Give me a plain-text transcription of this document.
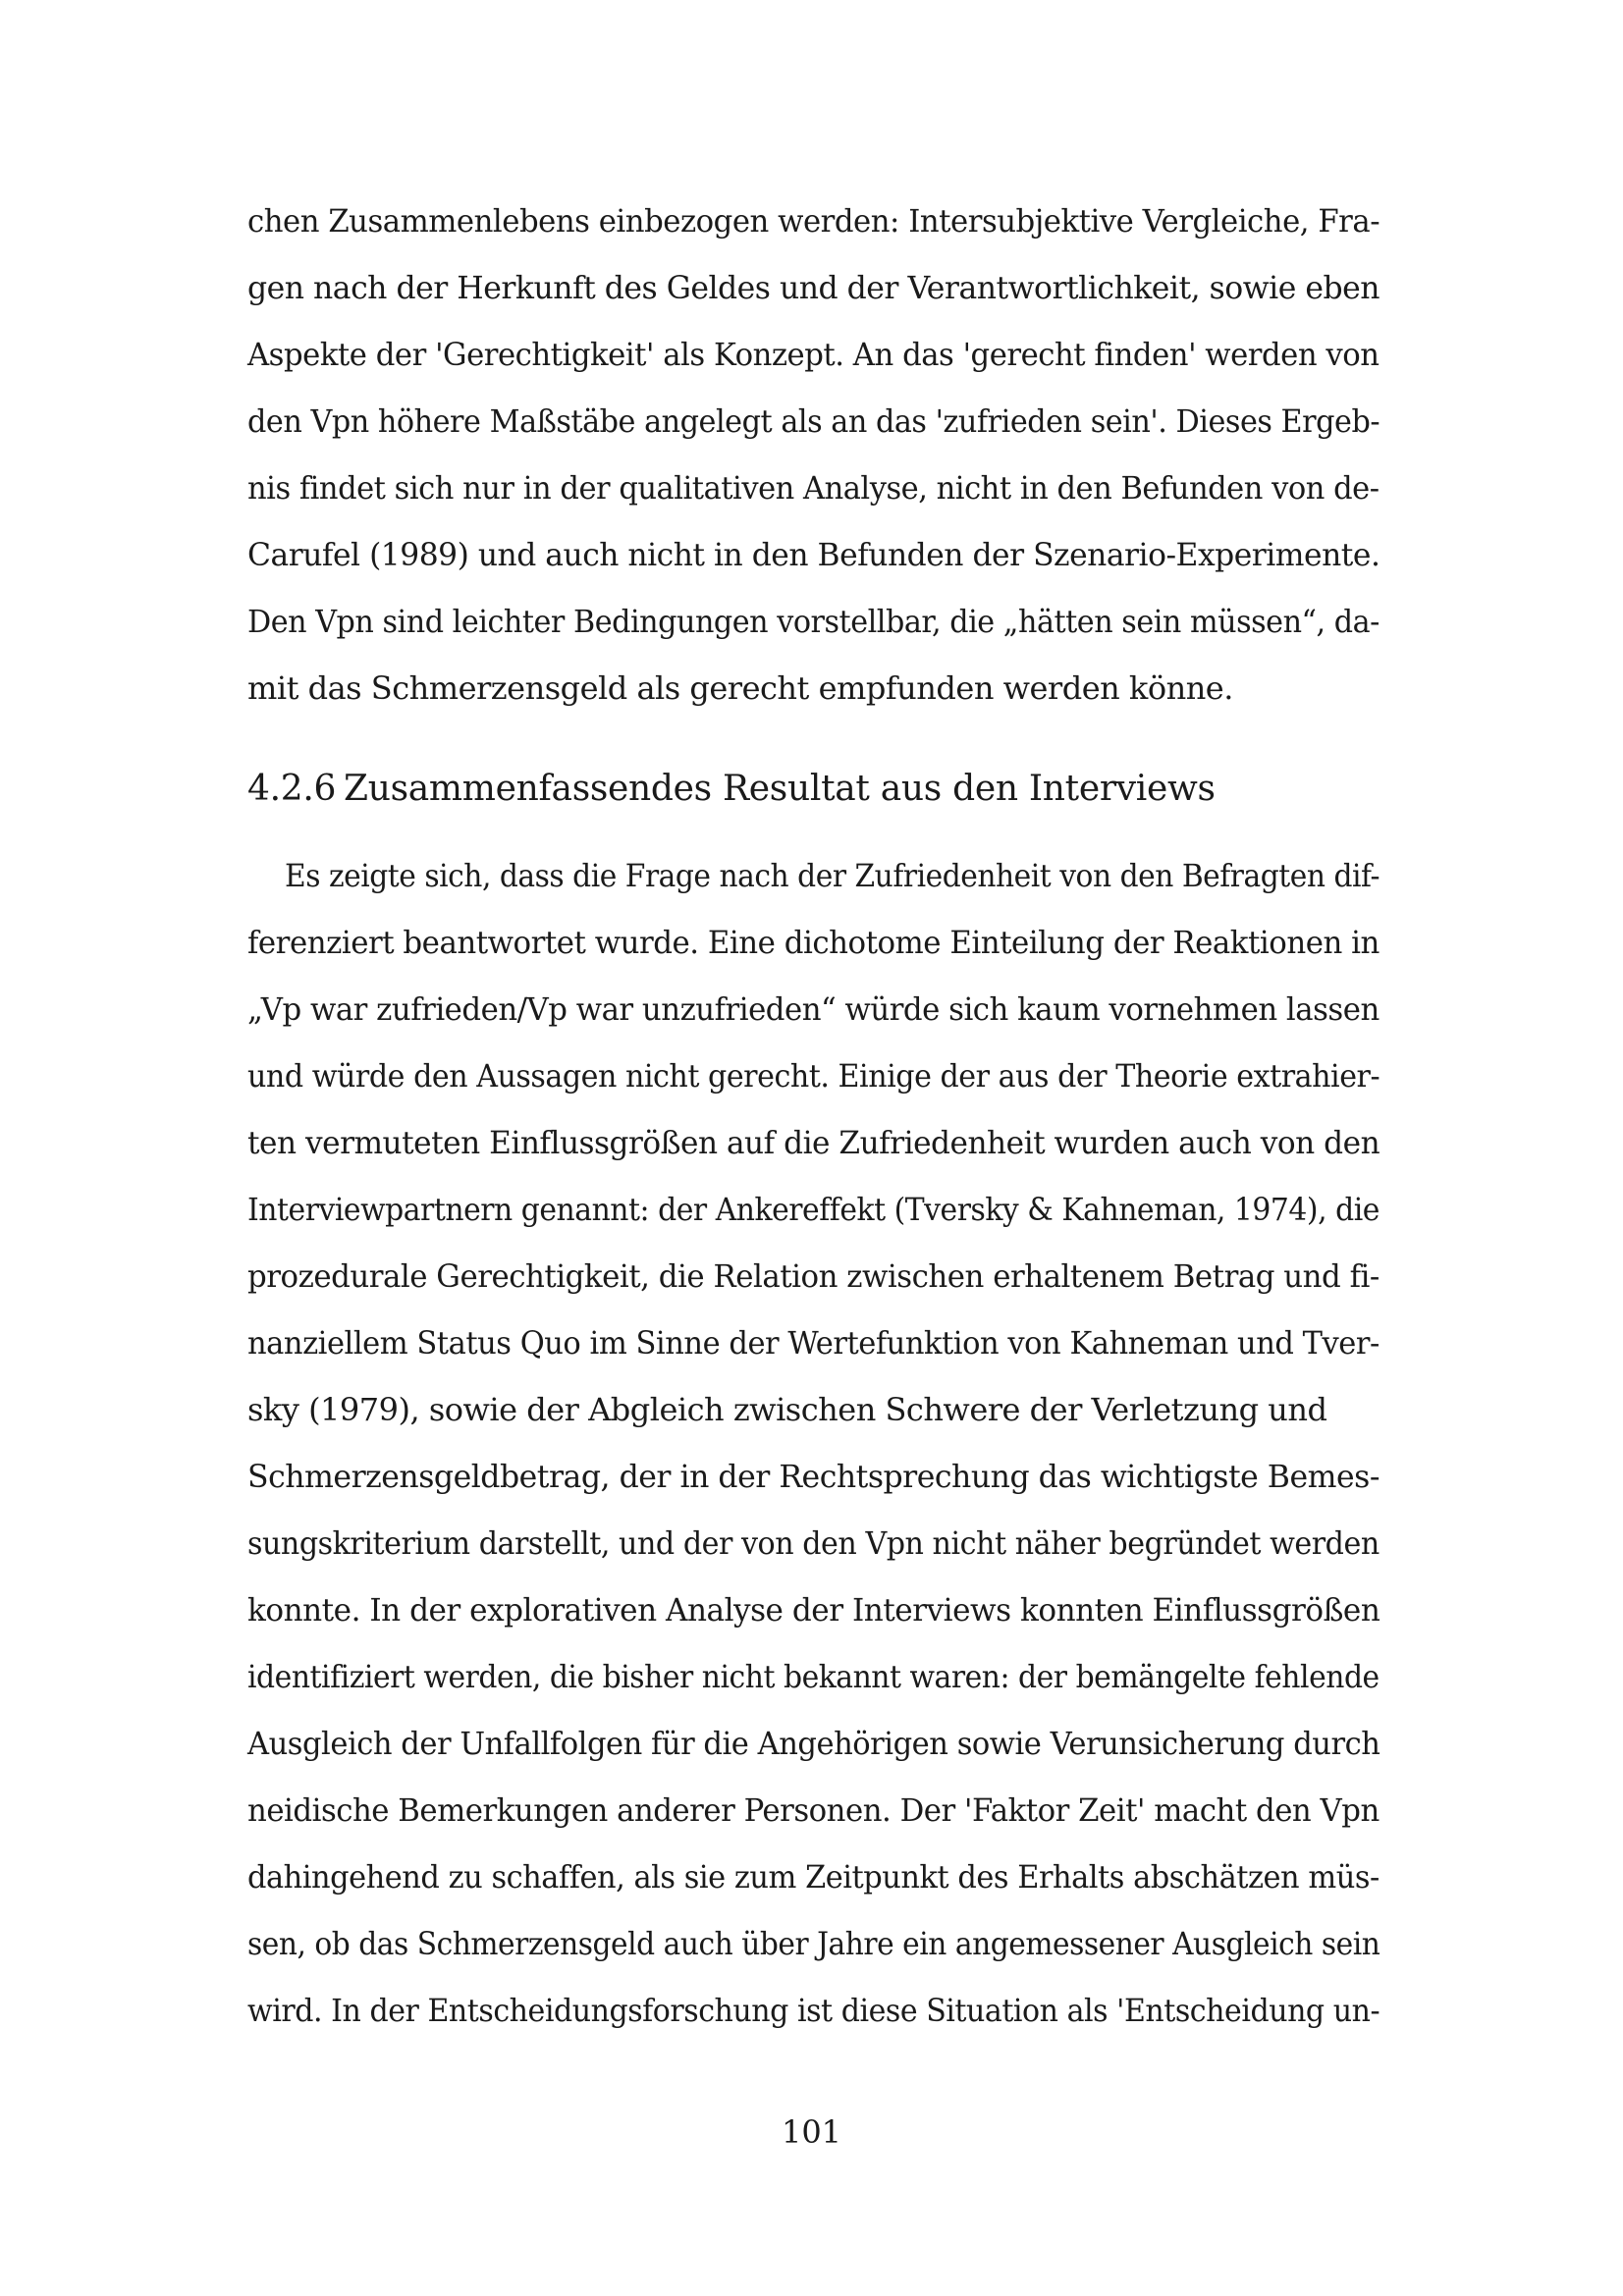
chen Zusammenlebens einbezogen werden: Intersubjektive Vergleiche, Fra-
gen nach der Herkunft des Geldes und der Verantwortlichkeit, sowie eben
Aspekte der 'Gerechtigkeit' als Konzept. An das 'gerecht finden' werden von
den Vpn höhere Maßstäbe angelegt als an das 'zufrieden sein'. Dieses Ergeb-
nis findet sich nur in der qualitativen Analyse, nicht in den Befunden von de-
Carufel (1989) und auch nicht in den Befunden der Szenario-Experimente.
Den Vpn sind leichter Bedingungen vorstellbar, die „hätten sein müssen“, da-
mit das Schmerzensgeld als gerecht empfunden werden könne.
4.2.6 Zusammenfassendes Resultat aus den Interviews
Es zeigte sich, dass die Frage nach der Zufriedenheit von den Befragten dif-
ferenziert beantwortet wurde. Eine dichotome Einteilung der Reaktionen in
„Vp war zufrieden/Vp war unzufrieden“ würde sich kaum vornehmen lassen
und würde den Aussagen nicht gerecht. Einige der aus der Theorie extrahier-
ten vermuteten Einflussgrößen auf die Zufriedenheit wurden auch von den
Interviewpartnern genannt: der Ankereffekt (Tversky & Kahneman, 1974), die
prozedurale Gerechtigkeit, die Relation zwischen erhaltenem Betrag und fi-
nanziellem Status Quo im Sinne der Wertefunktion von Kahneman und Tver-
sky (1979), sowie der Abgleich zwischen Schwere der Verletzung und
Schmerzensgeldbetrag, der in der Rechtsprechung das wichtigste Bemes-
sungskriterium darstellt, und der von den Vpn nicht näher begründet werden
konnte. In der explorativen Analyse der Interviews konnten Einflussgrößen
identifiziert werden, die bisher nicht bekannt waren: der bemängelte fehlende
Ausgleich der Unfallfolgen für die Angehörigen sowie Verunsicherung durch
neidische Bemerkungen anderer Personen. Der 'Faktor Zeit' macht den Vpn
dahingehend zu schaffen, als sie zum Zeitpunkt des Erhalts abschätzen müs-
sen, ob das Schmerzensgeld auch über Jahre ein angemessener Ausgleich sein
wird. In der Entscheidungsforschung ist diese Situation als 'Entscheidung un-
101
